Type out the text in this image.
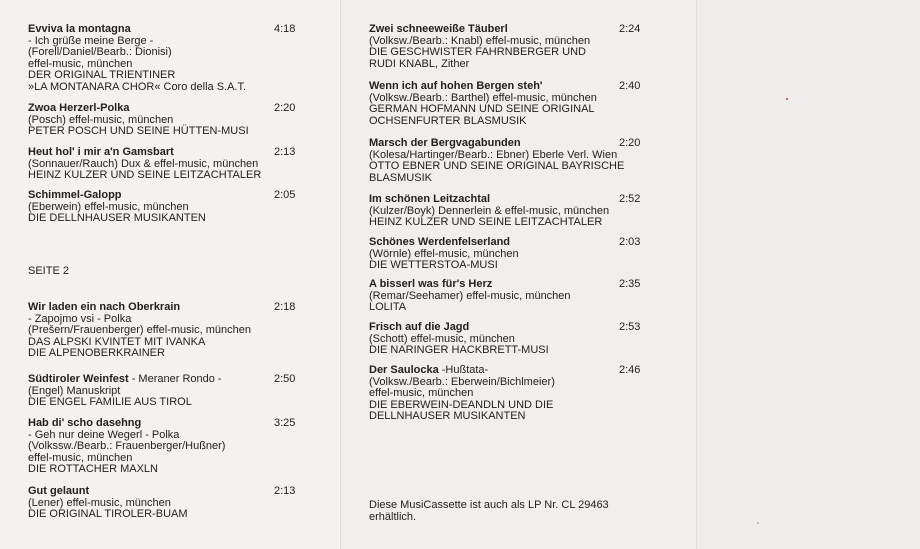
Evviva la montagna	4:18
- Ich grüße meine Berge -
(Forell/Daniel/Bearb.: Dionisi)
effel-music, münchen
DER ORIGINAL TRIENTINER
»LA MONTANARA CHOR« Coro della S.A.T.
Zwoa Herzerl-Polka	2:20
(Posch) effel-music, münchen
PETER POSCH UND SEINE HÜTTEN-MUSI
Heut hol' i mir a'n Gamsbart	2:13
(Sonnauer/Rauch) Dux & effel-music, münchen
HEINZ KULZER UND SEINE LEITZACHTALER
Schimmel-Galopp	2:05
(Eberwein) effel-music, münchen
DIE DELLNHAUSER MUSIKANTEN
Wir laden ein nach Oberkrain	2:18
- Zapojmo vsi - Polka
(Prešern/Frauenberger) effel-music, münchen
DAS ALPSKI KVINTET MIT IVANKA
DIE ALPENOBERKRAINER
Südtiroler Weinfest - Meraner Rondo -	2:50
(Engel) Manuskript
DIE ENGEL FAMILIE AUS TIROL
Hab di' scho dasehng	3:25
- Geh nur deine Wegerl - Polka
(Volkssw./Bearb.: Frauenberger/Hußner)
effel-music, münchen
DIE ROTTACHER MAXLN
Gut gelaunt	2:13
(Lener) effel-music, münchen
DIE ORIGINAL TIROLER-BUAM
Zwei schneeweiße Täuberl	2:24
(Volksw./Bearb.: Knabl) effel-music, münchen
DIE GESCHWISTER FAHRNBERGER UND
RUDI KNABL, Zither
Wenn ich auf hohen Bergen steh'	2:40
(Volksw./Bearb.: Barthel) effel-music, münchen
GERMAN HOFMANN UND SEINE ORIGINAL
OCHSENFURTER BLASMUSIK
Marsch der Bergvagabunden	2:20
(Kolesa/Hartinger/Bearb.: Ebner) Eberle Verl. Wien
OTTO EBNER UND SEINE ORIGINAL BAYRISCHE
BLASMUSIK
Im schönen Leitzachtal	2:52
(Kulzer/Boyk) Dennerlein & effel-music, münchen
HEINZ KULZER UND SEINE LEITZACHTALER
Schönes Werdenfelserland	2:03
(Wörnle) effel-music, münchen
DIE WETTERSTOA-MUSI
A bisserl was für's Herz	2:35
(Remar/Seehamer) effel-music, münchen
LOLITA
Frisch auf die Jagd	2:53
(Schott) effel-music, münchen
DIE NARINGER HACKBRETT-MUSI
Der Saulocka -Hußtata-	2:46
(Volksw./Bearb.: Eberwein/Bichlmeier)
effel-music, münchen
DIE EBERWEIN-DEANDLN UND DIE
DELLNHAUSER MUSIKANTEN
SEITE 2
Diese MusiCassette ist auch als LP Nr. CL 29463
erhältlich.
